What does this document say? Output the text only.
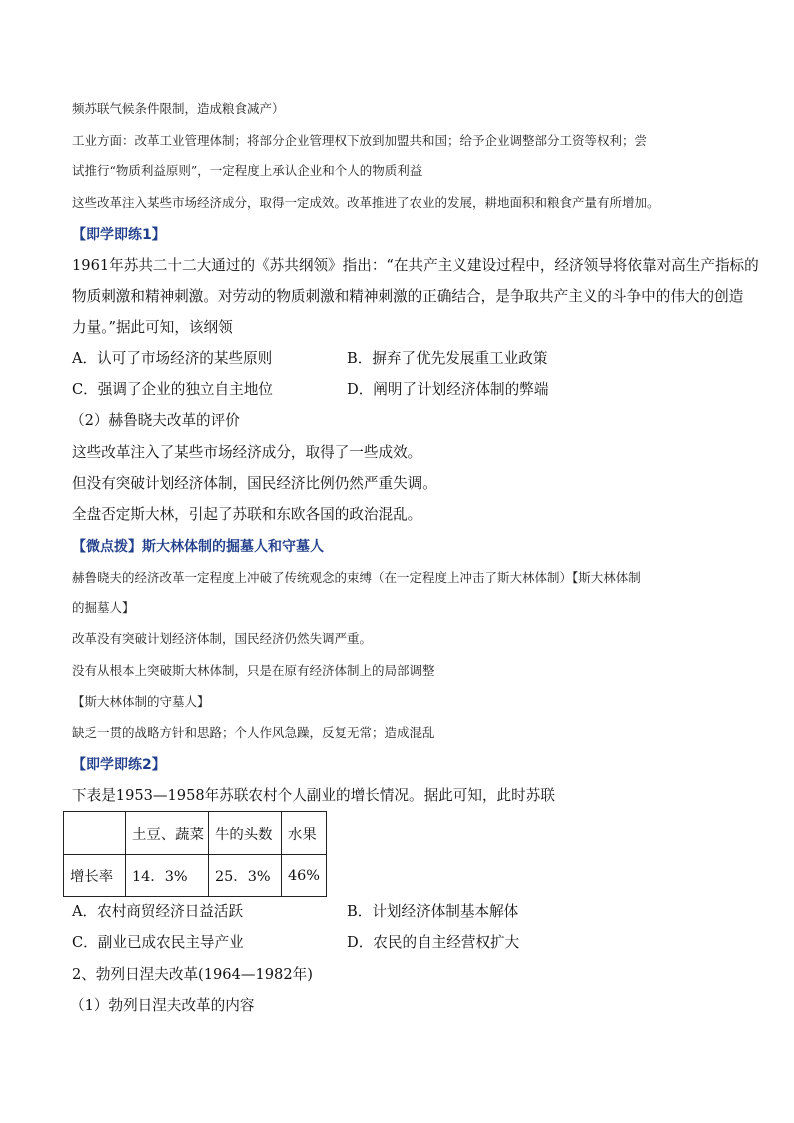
频苏联气候条件限制，造成粮食减产）
工业方面：改革工业管理体制；将部分企业管理权下放到加盟共和国；给予企业调整部分工资等权利；尝
试推行“物质利益原则”，一定程度上承认企业和个人的物质利益
这些改革注入某些市场经济成分，取得一定成效。改革推进了农业的发展，耕地面积和粮食产量有所增加。
【即学即练1】
1961年苏共二十二大通过的《苏共纲领》指出：“在共产主义建设过程中，经济领导将依靠对高生产指标的
物质刺激和精神刺激。对劳动的物质刺激和精神刺激的正确结合，是争取共产主义的斗争中的伟大的创造
力量。”据此可知，该纲领
A．认可了市场经济的某些原则	B．摒弃了优先发展重工业政策
C．强调了企业的独立自主地位	D．阐明了计划经济体制的弊端
（2）赫鲁晓夫改革的评价
这些改革注入了某些市场经济成分，取得了一些成效。
但没有突破计划经济体制，国民经济比例仍然严重失调。
全盘否定斯大林，引起了苏联和东欧各国的政治混乱。
【微点拨】斯大林体制的掘墓人和守墓人
赫鲁晓夫的经济改革一定程度上冲破了传统观念的束缚（在一定程度上冲击了斯大林体制）【斯大林体制
的掘墓人】
改革没有突破计划经济体制，国民经济仍然失调严重。
没有从根本上突破斯大林体制，只是在原有经济体制上的局部调整
【斯大林体制的守墓人】
缺乏一贯的战略方针和思路；个人作风急躁，反复无常；造成混乱
【即学即练2】
下表是1953—1958年苏联农村个人副业的增长情况。据此可知，此时苏联
	土豆、蔬菜	牛的头数	水果
增长率	14．3%	25．3%	46%
A．农村商贸经济日益活跃	B．计划经济体制基本解体
C．副业已成农民主导产业	D．农民的自主经营权扩大
2、勃列日涅夫改革(1964—1982年)
（1）勃列日涅夫改革的内容
